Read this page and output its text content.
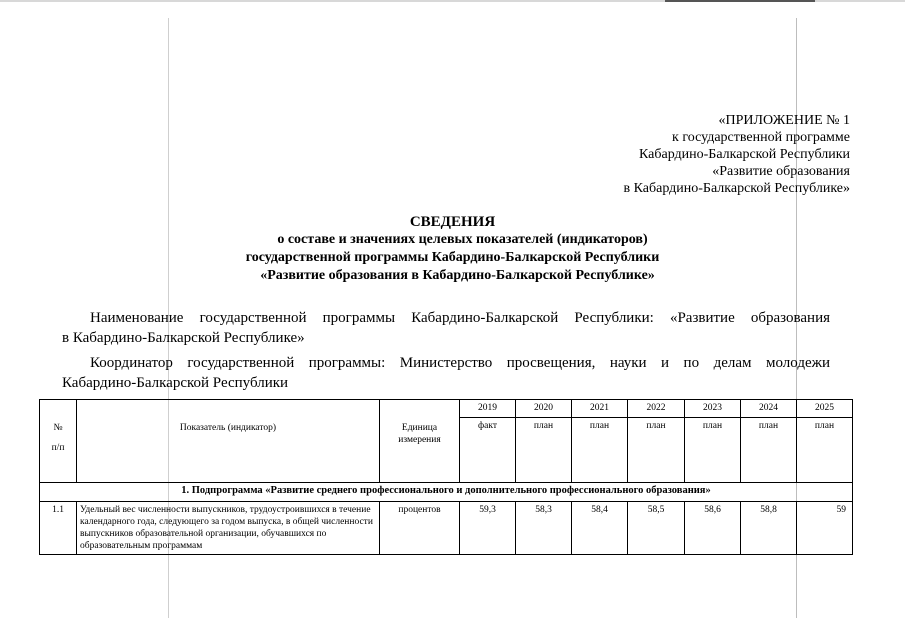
«ПРИЛОЖЕНИЕ № 1
к государственной программе
Кабардино-Балкарской Республики
«Развитие образования
в Кабардино-Балкарской Республике»
СВЕДЕНИЯ
о составе и значениях целевых показателей (индикаторов)
государственной программы Кабардино-Балкарской Республики
«Развитие образования в Кабардино-Балкарской Республике»
Наименование государственной программы Кабардино-Балкарской Республики: «Развитие образования
в Кабардино-Балкарской Республике»
Координатор государственной программы: Министерство просвещения, науки и по делам молодежи
Кабардино-Балкарской Республики
№
п/п	Показатель (индикатор)	Единица измерения	2019	2020	2021	2022	2023	2024	2025
			факт	план	план	план	план	план	план
1. Подпрограмма «Развитие среднего профессионального и дополнительного профессионального образования»									
1.1	Удельный вес численности выпускников, трудоустроившихся в течение календарного года, следующего за годом выпуска, в общей численности выпускников образовательной организации, обучавшихся по образовательным программам	процентов	59,3	58,3	58,4	58,5	58,6	58,8	59
